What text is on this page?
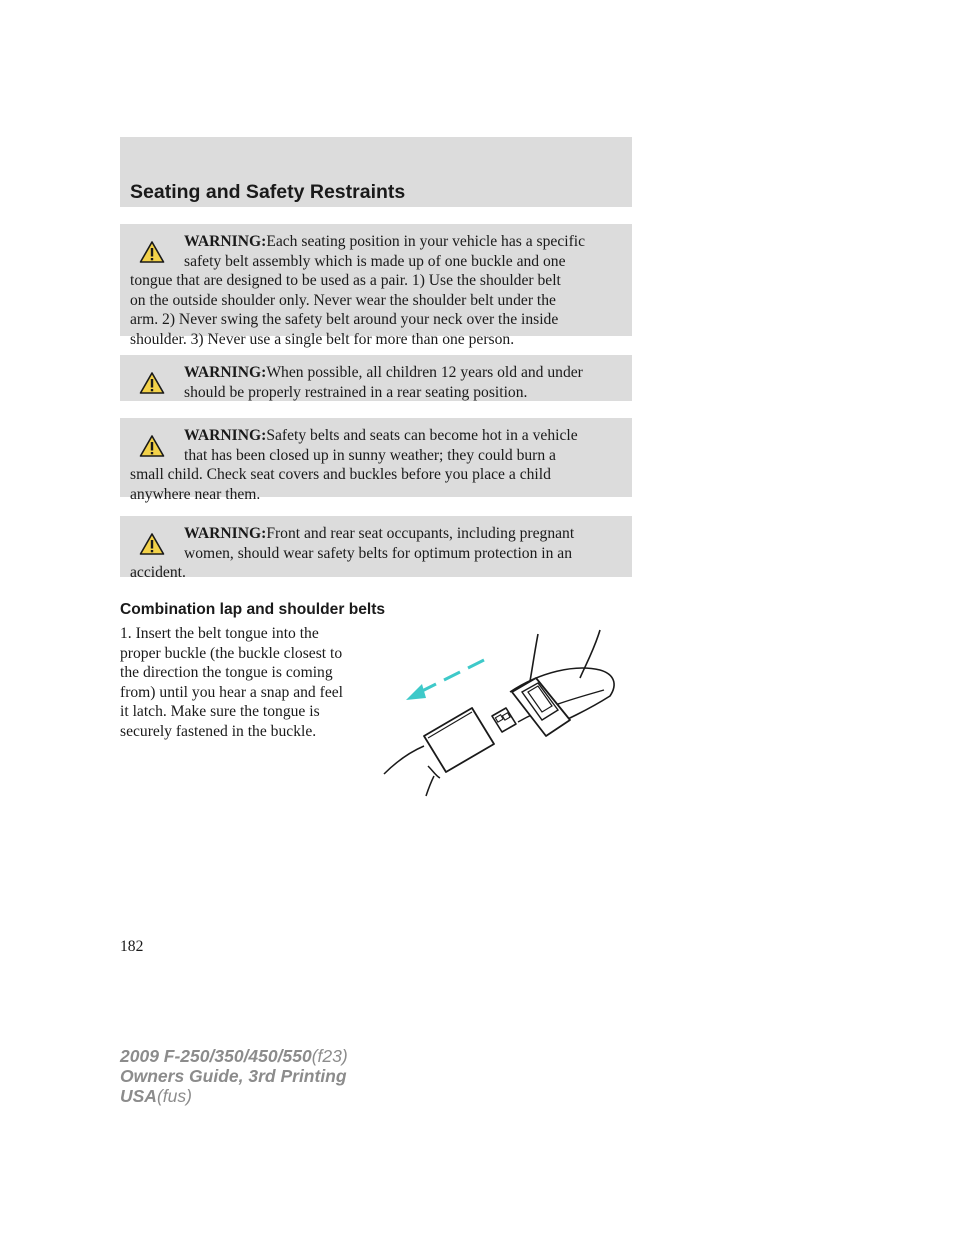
Seating and Safety Restraints
WARNING:Each seating position in your vehicle has a specific
safety belt assembly which is made up of one buckle and one
tongue that are designed to be used as a pair. 1) Use the shoulder belt
on the outside shoulder only. Never wear the shoulder belt under the
arm. 2) Never swing the safety belt around your neck over the inside
shoulder. 3) Never use a single belt for more than one person.
WARNING:When possible, all children 12 years old and under
should be properly restrained in a rear seating position.
WARNING:Safety belts and seats can become hot in a vehicle
that has been closed up in sunny weather; they could burn a
small child. Check seat covers and buckles before you place a child
anywhere near them.
WARNING:Front and rear seat occupants, including pregnant
women, should wear safety belts for optimum protection in an
accident.
Combination lap and shoulder belts

1. Insert the belt tongue into the
proper buckle (the buckle closest to
the direction the tongue is coming
from) until you hear a snap and feel
it latch. Make sure the tongue is
securely fastened in the buckle.

182

2009 F-250/350/450/550(f23)
Owners Guide, 3rd Printing
USA(fus)
